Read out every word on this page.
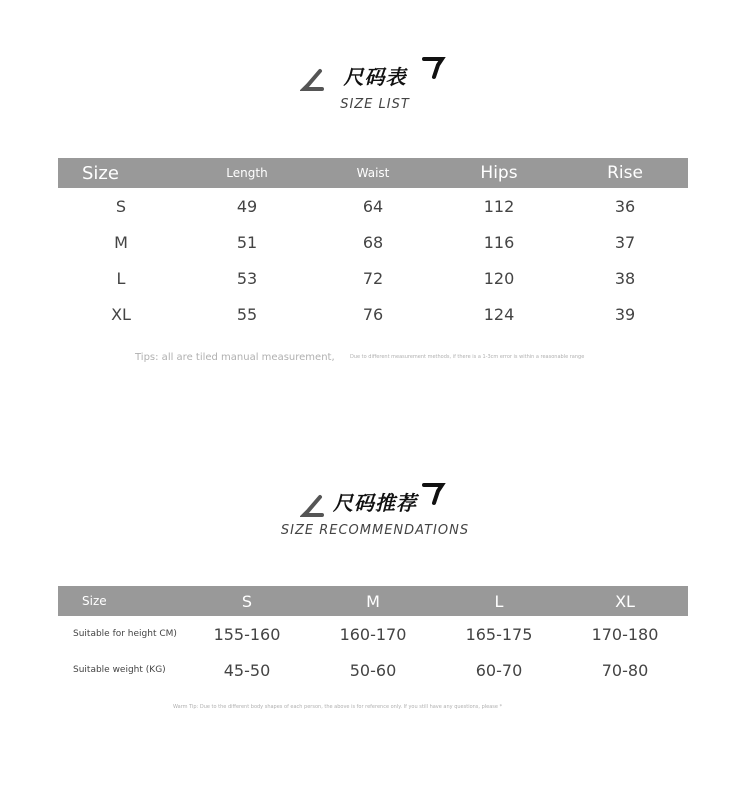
尺码表
SIZE LIST
Size	Length	Waist	Hips	Rise
S	49	64	112	36
M	51	68	116	37
L	53	72	120	38
XL	55	76	124	39
Tips: all are tiled manual measurement,	Due to different measurement methods, if there is a 1-3cm error is within a reasonable range
尺码推荐
SIZE RECOMMENDATIONS
Size	S	M	L	XL
Suitable for height CM)	155-160	160-170	165-175	170-180
Suitable weight (KG)	45-50	50-60	60-70	70-80
Warm Tip: Due to the different body shapes of each person, the above is for reference only. If you still have any questions, please *
